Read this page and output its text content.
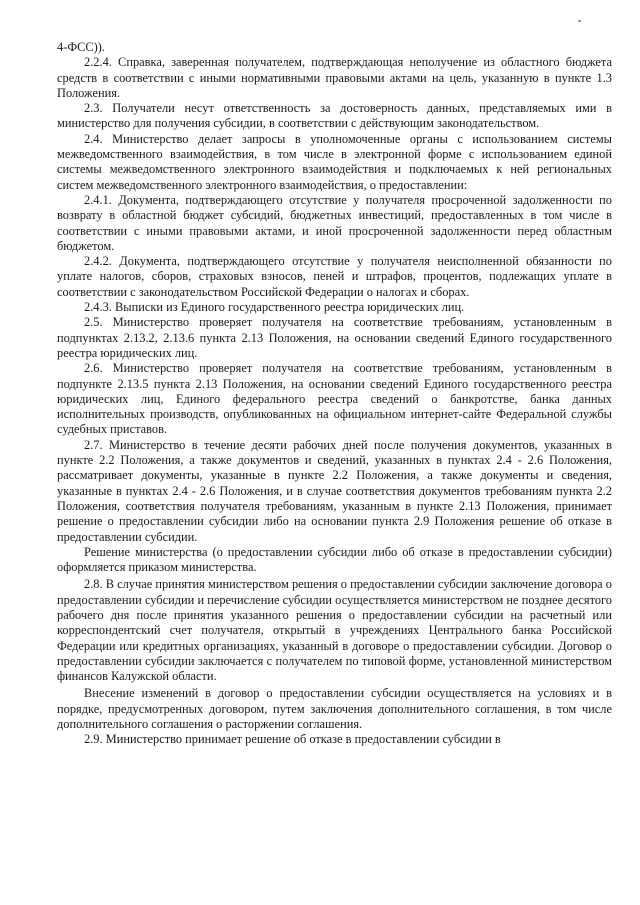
4-ФСС)).

2.2.4. Справка, заверенная получателем, подтверждающая неполучение из областного бюджета средств в соответствии с иными нормативными правовыми актами на цель, указанную в пункте 1.3 Положения.

2.3. Получатели несут ответственность за достоверность данных, представляемых ими в министерство для получения субсидии, в соответствии с действующим законодательством.

2.4. Министерство делает запросы в уполномоченные органы с использованием системы межведомственного взаимодействия, в том числе в электронной форме с использованием единой системы межведомственного электронного взаимодействия и подключаемых к ней региональных систем межведомственного электронного взаимодействия, о предоставлении:

2.4.1. Документа, подтверждающего отсутствие у получателя просроченной задолженности по возврату в областной бюджет субсидий, бюджетных инвестиций, предоставленных в том числе в соответствии с иными правовыми актами, и иной просроченной задолженности перед областным бюджетом.

2.4.2. Документа, подтверждающего отсутствие у получателя неисполненной обязанности по уплате налогов, сборов, страховых взносов, пеней и штрафов, процентов, подлежащих уплате в соответствии с законодательством Российской Федерации о налогах и сборах.

2.4.3. Выписки из Единого государственного реестра юридических лиц.

2.5. Министерство проверяет получателя на соответствие требованиям, установленным в подпунктах 2.13.2, 2.13.6 пункта 2.13 Положения, на основании сведений Единого государственного реестра юридических лиц.

2.6. Министерство проверяет получателя на соответствие требованиям, установленным в подпункте 2.13.5 пункта 2.13 Положения, на основании сведений Единого государственного реестра юридических лиц, Единого федерального реестра сведений о банкротстве, банка данных исполнительных производств, опубликованных на официальном интернет-сайте Федеральной службы судебных приставов.

2.7. Министерство в течение десяти рабочих дней после получения документов, указанных в пункте 2.2 Положения, а также документов и сведений, указанных в пунктах 2.4 - 2.6 Положения, рассматривает документы, указанные в пункте 2.2 Положения, а также документы и сведения, указанные в пунктах 2.4 - 2.6 Положения, и в случае соответствия документов требованиям пункта 2.2 Положения, соответствия получателя требованиям, указанным в пункте 2.13 Положения, принимает решение о предоставлении субсидии либо на основании пункта 2.9 Положения решение об отказе в предоставлении субсидии.

Решение министерства (о предоставлении субсидии либо об отказе в предоставлении субсидии) оформляется приказом министерства.

2.8. В случае принятия министерством решения о предоставлении субсидии заключение договора о предоставлении субсидии и перечисление субсидии осуществляется министерством не позднее десятого рабочего дня после принятия указанного решения о предоставлении субсидии на расчетный или корреспондентский счет получателя, открытый в учреждениях Центрального банка Российской Федерации или кредитных организациях, указанный в договоре о предоставлении субсидии. Договор о предоставлении субсидии заключается с получателем по типовой форме, установленной министерством финансов Калужской области.

Внесение изменений в договор о предоставлении субсидии осуществляется на условиях и в порядке, предусмотренных договором, путем заключения дополнительного соглашения, в том числе дополнительного соглашения о расторжении соглашения.

2.9. Министерство принимает решение об отказе в предоставлении субсидии в
